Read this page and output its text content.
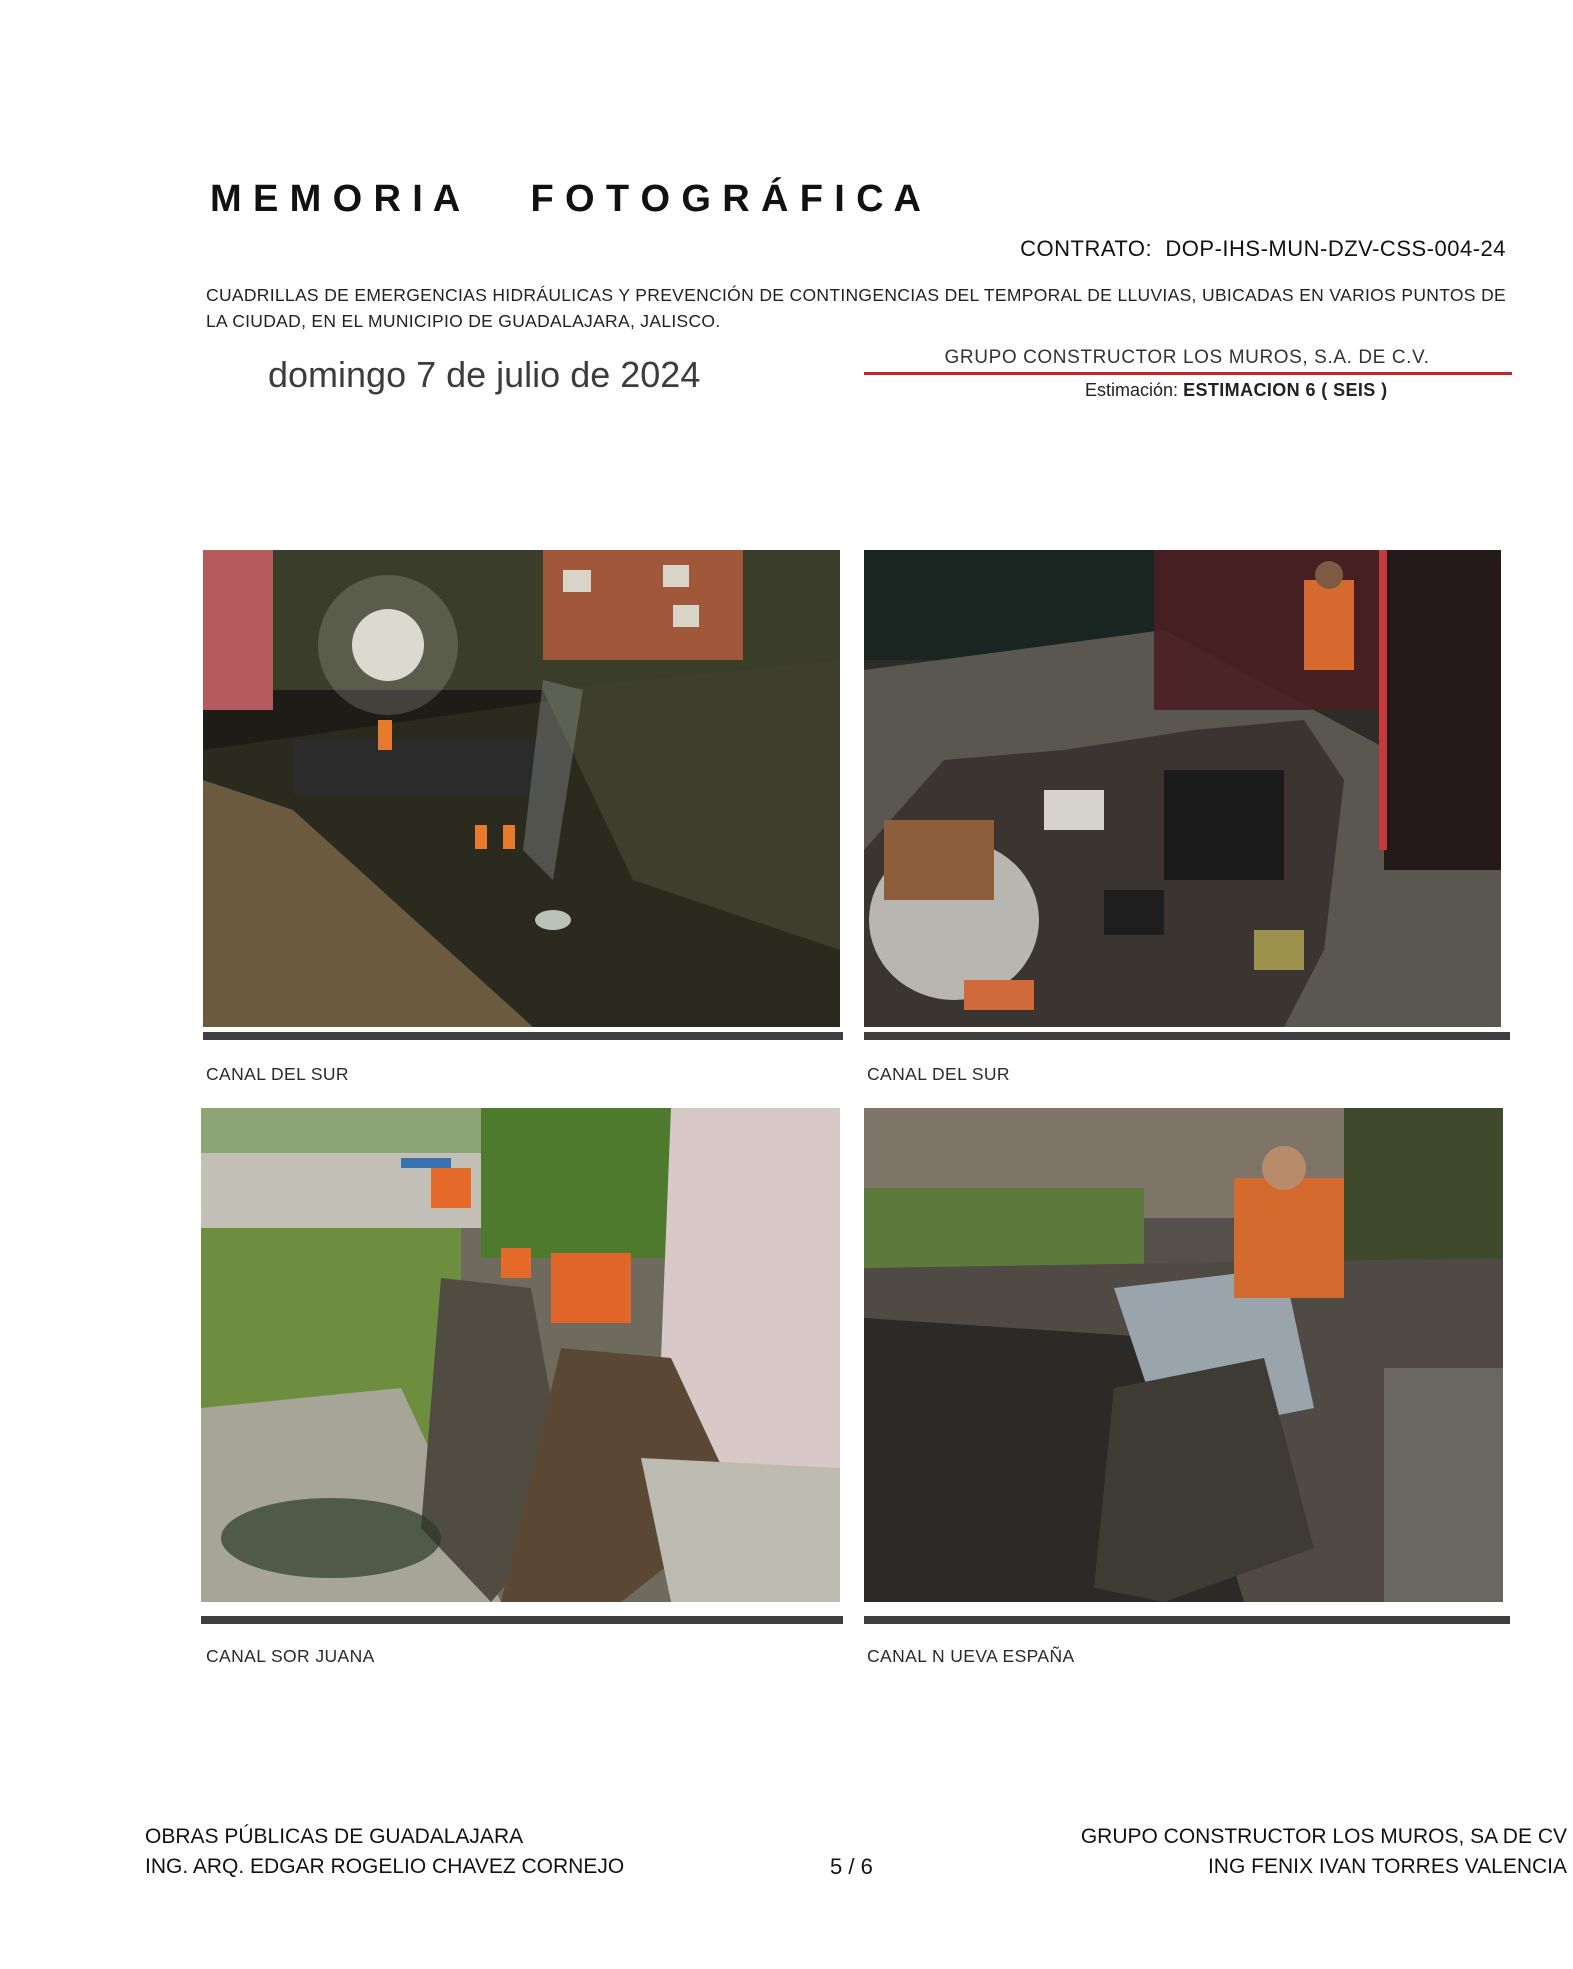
M E M O R I A F O T O G R Á F I C A
CONTRATO: DOP-IHS-MUN-DZV-CSS-004-24
CUADRILLAS DE EMERGENCIAS HIDRÁULICAS Y PREVENCIÓN DE CONTINGENCIAS DEL TEMPORAL DE LLUVIAS, UBICADAS EN VARIOS PUNTOS DE LA CIUDAD, EN EL MUNICIPIO DE GUADALAJARA, JALISCO.
domingo 7 de julio de 2024	GRUPO CONSTRUCTOR LOS MUROS, S.A. DE C.V.
Estimación: ESTIMACION 6 ( SEIS )
CANAL DEL SUR	CANAL DEL SUR
CANAL SOR JUANA	CANAL N UEVA ESPAÑA
OBRAS PÚBLICAS DE GUADALAJARA
ING. ARQ. EDGAR ROGELIO CHAVEZ CORNEJO	5 / 6
GRUPO CONSTRUCTOR LOS MUROS, SA DE CV
ING FENIX IVAN TORRES VALENCIA
